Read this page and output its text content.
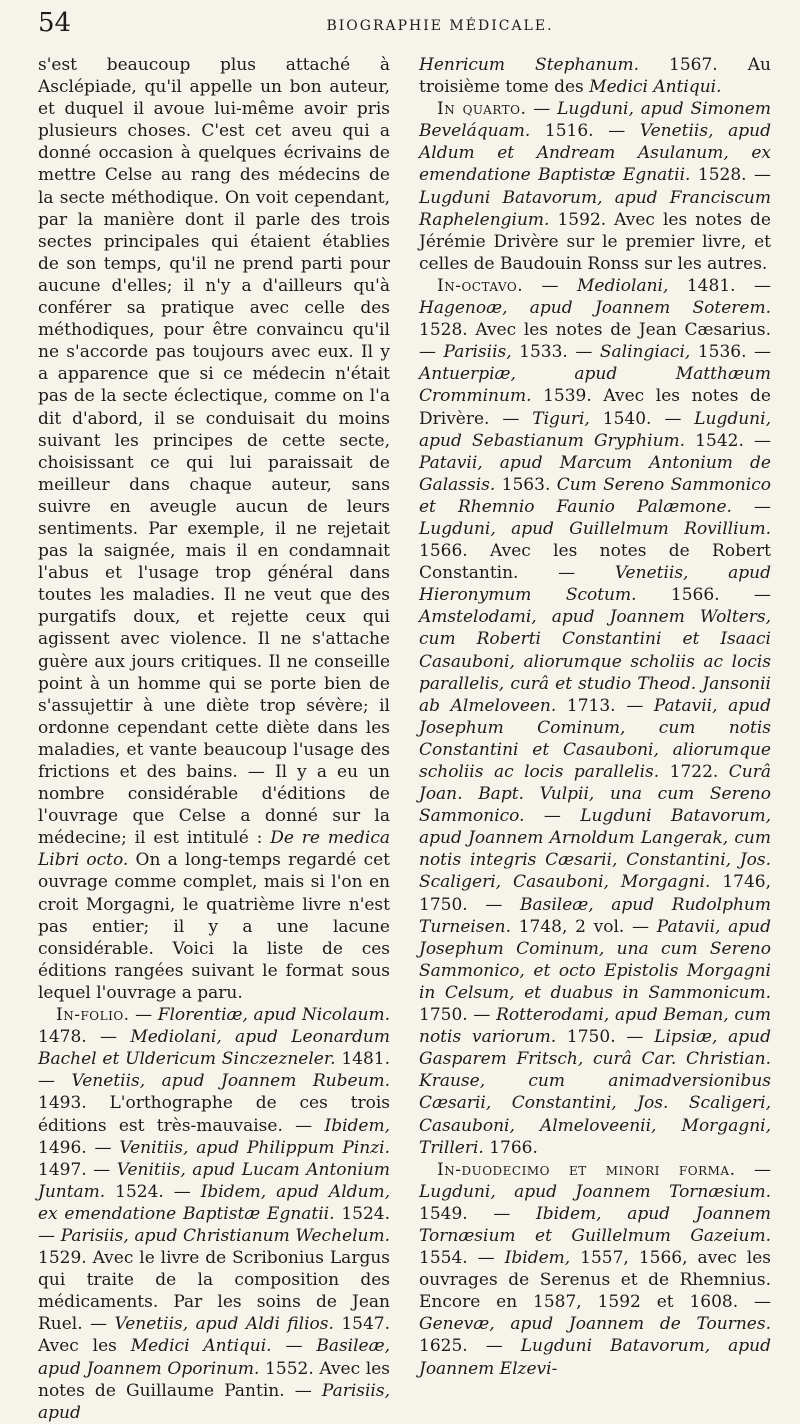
54	BIOGRAPHIE MÉDICALE.

s'est beaucoup plus attaché à Asclépiade, qu'il appelle un bon auteur, et duquel il avoue lui-même avoir pris plusieurs choses. C'est cet aveu qui a donné occasion à quelques écrivains de mettre Celse au rang des médecins de la secte méthodique. On voit cependant, par la manière dont il parle des trois sectes principales qui étaient établies de son temps, qu'il ne prend parti pour aucune d'elles; il n'y a d'ailleurs qu'à conférer sa pratique avec celle des méthodiques, pour être convaincu qu'il ne s'accorde pas toujours avec eux. Il y a apparence que si ce médecin n'était pas de la secte éclectique, comme on l'a dit d'abord, il se conduisait du moins suivant les principes de cette secte, choisissant ce qui lui paraissait de meilleur dans chaque auteur, sans suivre en aveugle aucun de leurs sentiments. Par exemple, il ne rejetait pas la saignée, mais il en condamnait l'abus et l'usage trop général dans toutes les maladies. Il ne veut que des purgatifs doux, et rejette ceux qui agissent avec violence. Il ne s'attache guère aux jours critiques. Il ne conseille point à un homme qui se porte bien de s'assujettir à une diète trop sévère; il ordonne cependant cette diète dans les maladies, et vante beaucoup l'usage des frictions et des bains. — Il y a eu un nombre considérable d'éditions de l'ouvrage que Celse a donné sur la médecine; il est intitulé : De re medica Libri octo. On a long-temps regardé cet ouvrage comme complet, mais si l'on en croit Morgagni, le quatrième livre n'est pas entier; il y a une lacune considérable. Voici la liste de ces éditions rangées suivant le format sous lequel l'ouvrage a paru.

In-folio. — Florentiæ, apud Nicolaum. 1478. — Mediolani, apud Leonardum Bachel et Uldericum Sinczezneler. 1481. — Venetiis, apud Joannem Rubeum. 1493. L'orthographe de ces trois éditions est très-mauvaise. — Ibidem, 1496. — Venitiis, apud Philippum Pinzi. 1497. — Venitiis, apud Lucam Antonium Juntam. 1524. — Ibidem, apud Aldum, ex emendatione Baptistæ Egnatii. 1524. — Parisiis, apud Christianum Wechelum. 1529. Avec le livre de Scribonius Largus qui traite de la composition des médicaments. Par les soins de Jean Ruel. — Venetiis, apud Aldi filios. 1547. Avec les Medici Antiqui. — Basileæ, apud Joannem Oporinum. 1552. Avec les notes de Guillaume Pantin. — Parisiis, apud

Henricum Stephanum. 1567. Au troisième tome des Medici Antiqui.

In quarto. — Lugduni, apud Simonem Beveláquam. 1516. — Venetiis, apud Aldum et Andream Asulanum, ex emendatione Baptistæ Egnatii. 1528. — Lugduni Batavorum, apud Franciscum Raphelengium. 1592. Avec les notes de Jérémie Drivère sur le premier livre, et celles de Baudouin Ronss sur les autres.

In-octavo. — Mediolani, 1481. — Hagenoæ, apud Joannem Soterem. 1528. Avec les notes de Jean Cæsarius. — Parisiis, 1533. — Salingiaci, 1536. — Antuerpiæ, apud Matthæum Cromminum. 1539. Avec les notes de Drivère. — Tiguri, 1540. — Lugduni, apud Sebastianum Gryphium. 1542. — Patavii, apud Marcum Antonium de Galassis. 1563. Cum Sereno Sammonico et Rhemnio Faunio Palæmone. — Lugduni, apud Guillelmum Rovillium. 1566. Avec les notes de Robert Constantin. — Venetiis, apud Hieronymum Scotum. 1566. — Amstelodami, apud Joannem Wolters, cum Roberti Constantini et Isaaci Casauboni, aliorumque scholiis ac locis parallelis, curâ et studio Theod. Jansonii ab Almeloveen. 1713. — Patavii, apud Josephum Cominum, cum notis Constantini et Casauboni, aliorumque scholiis ac locis parallelis. 1722. Curâ Joan. Bapt. Vulpii, una cum Sereno Sammonico. — Lugduni Batavorum, apud Joannem Arnoldum Langerak, cum notis integris Cæsarii, Constantini, Jos. Scaligeri, Casauboni, Morgagni. 1746, 1750. — Basileæ, apud Rudolphum Turneisen. 1748, 2 vol. — Patavii, apud Josephum Cominum, una cum Sereno Sammonico, et octo Epistolis Morgagni in Celsum, et duabus in Sammonicum. 1750. — Rotterodami, apud Beman, cum notis variorum. 1750. — Lipsiæ, apud Gasparem Fritsch, curâ Car. Christian. Krause, cum animadversionibus Cæsarii, Constantini, Jos. Scaligeri, Casauboni, Almeloveenii, Morgagni, Trilleri. 1766.

In-duodecimo et minori forma. — Lugduni, apud Joannem Tornæsium. 1549. — Ibidem, apud Joannem Tornæsium et Guillelmum Gazeium. 1554. — Ibidem, 1557, 1566, avec les ouvrages de Serenus et de Rhemnius. Encore en 1587, 1592 et 1608. — Genevæ, apud Joannem de Tournes. 1625. — Lugduni Batavorum, apud Joannem Elzevi-
